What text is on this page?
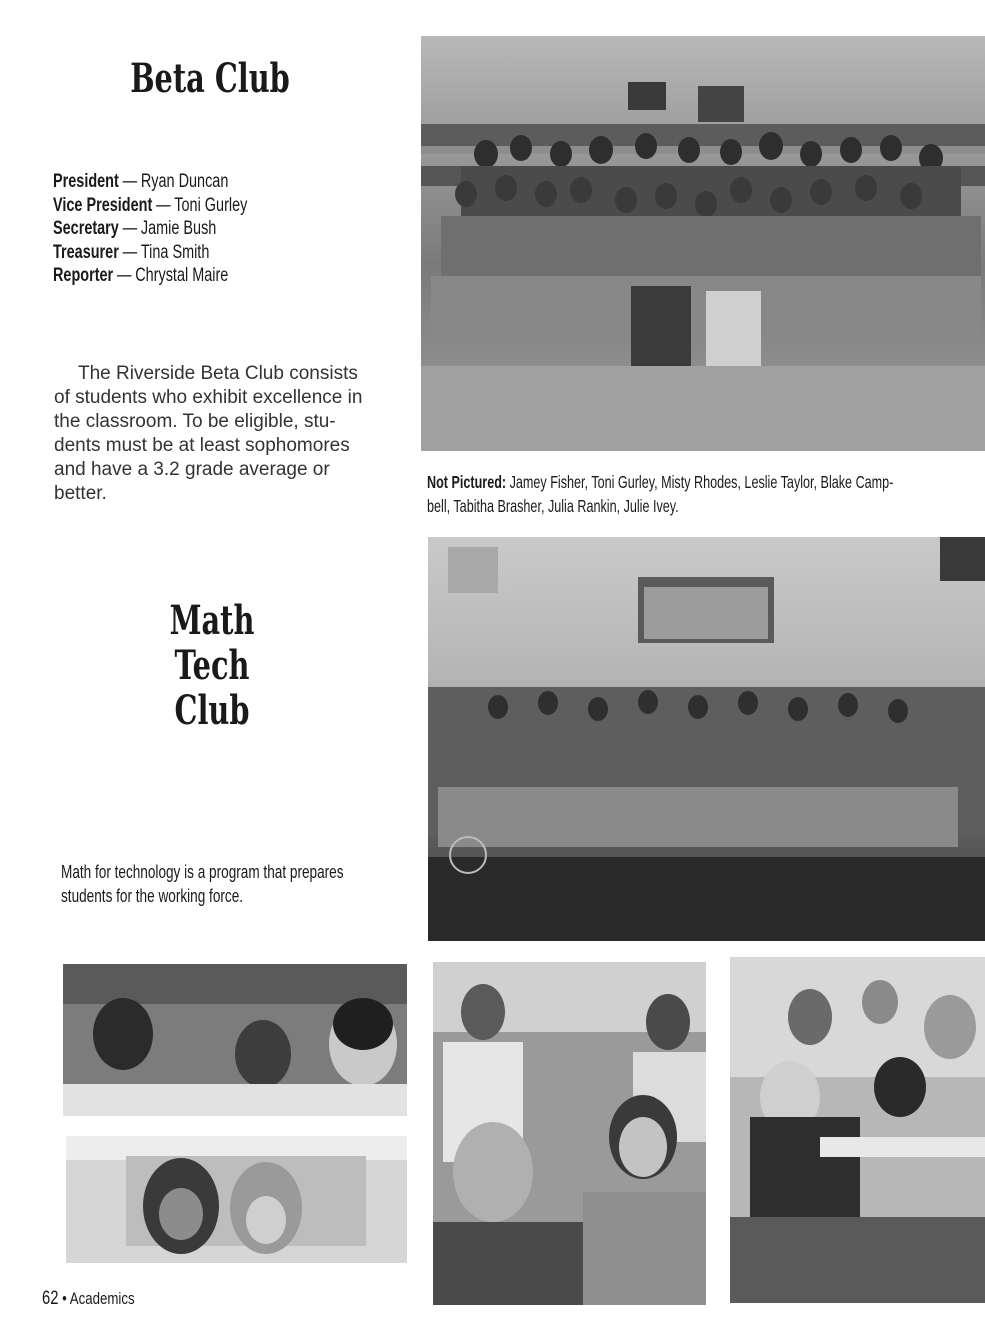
Beta Club
President — Ryan Duncan
Vice President — Toni Gurley
Secretary — Jamie Bush
Treasurer — Tina Smith
Reporter — Chrystal Maire
The Riverside Beta Club consists
of students who exhibit excellence in
the classroom. To be eligible, stu-
dents must be at least sophomores
and have a 3.2 grade average or
better.
Not Pictured: Jamey Fisher, Toni Gurley, Misty Rhodes, Leslie Taylor, Blake Camp-
bell, Tabitha Brasher, Julia Rankin, Julie Ivey.
Math
Tech
Club
Math for technology is a program that prepares
students for the working force.
62 • Academics
